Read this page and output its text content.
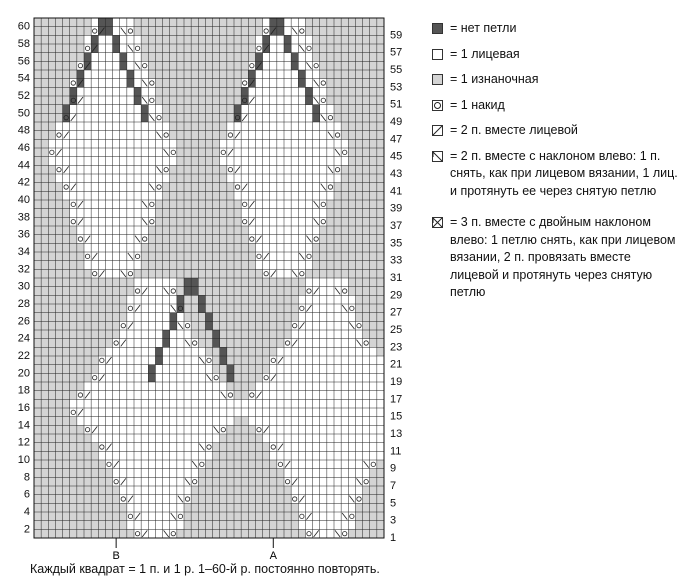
60
58
56
54
52
50
48
46
44
42
40
38
36
34
32
30
28
26
24
22
20
18
16
14
12
10
8
6
4
2
59
57
55
53
51
49
47
45
43
41
39
37
35
33
31
29
27
25
23
21
19
17
15
13
11
9
7
5
3
1
B	A
= нет петли
= 1 лицевая
= 1 изнаночная
= 1 накид
= 2 п. вместе лицевой
= 2 п. вместе с наклоном влево: 1 п. снять, как при лицевом вязании, 1 лиц. и протянуть ее через снятую петлю
= 3 п. вместе с двойным наклоном влево: 1 петлю снять, как при лицевом вязании, 2 п. провязать вместе лицевой и протянуть через снятую петлю
Каждый квадрат = 1 п. и 1 р. 1–60-й р. постоянно повторять.
